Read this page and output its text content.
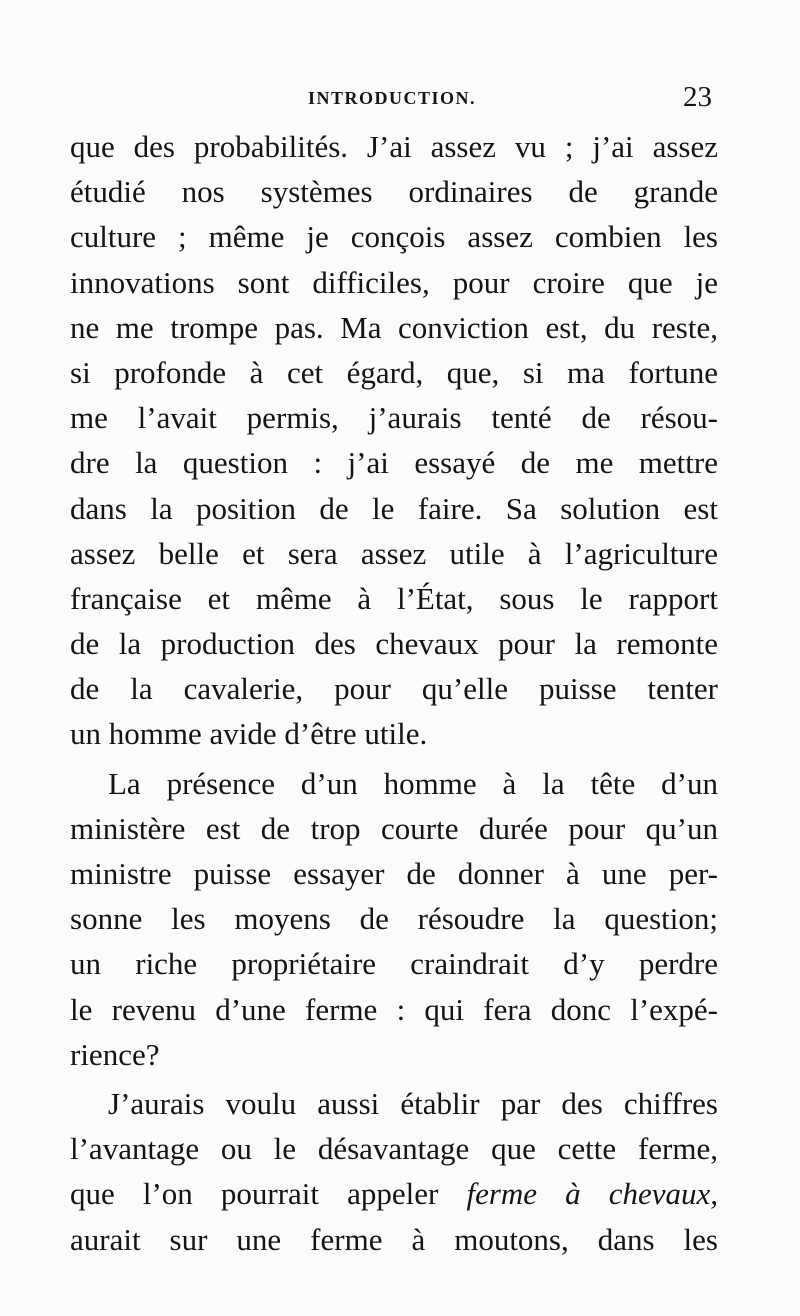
INTRODUCTION.	23
que des probabilités. J’ai assez vu ; j’ai assez
étudié nos systèmes ordinaires de grande
culture ; même je conçois assez combien les
innovations sont difficiles, pour croire que je
ne me trompe pas. Ma conviction est, du reste,
si profonde à cet égard, que, si ma fortune
me l’avait permis, j’aurais tenté de résou-
dre la question : j’ai essayé de me mettre
dans la position de le faire. Sa solution est
assez belle et sera assez utile à l’agriculture
française et même à l’État, sous le rapport
de la production des chevaux pour la remonte
de la cavalerie, pour qu’elle puisse tenter
un homme avide d’être utile.
La présence d’un homme à la tête d’un
ministère est de trop courte durée pour qu’un
ministre puisse essayer de donner à une per-
sonne les moyens de résoudre la question;
un riche propriétaire craindrait d’y perdre
le revenu d’une ferme : qui fera donc l’expé-
rience?
J’aurais voulu aussi établir par des chiffres
l’avantage ou le désavantage que cette ferme,
que l’on pourrait appeler ferme à chevaux,
aurait sur une ferme à moutons, dans les
